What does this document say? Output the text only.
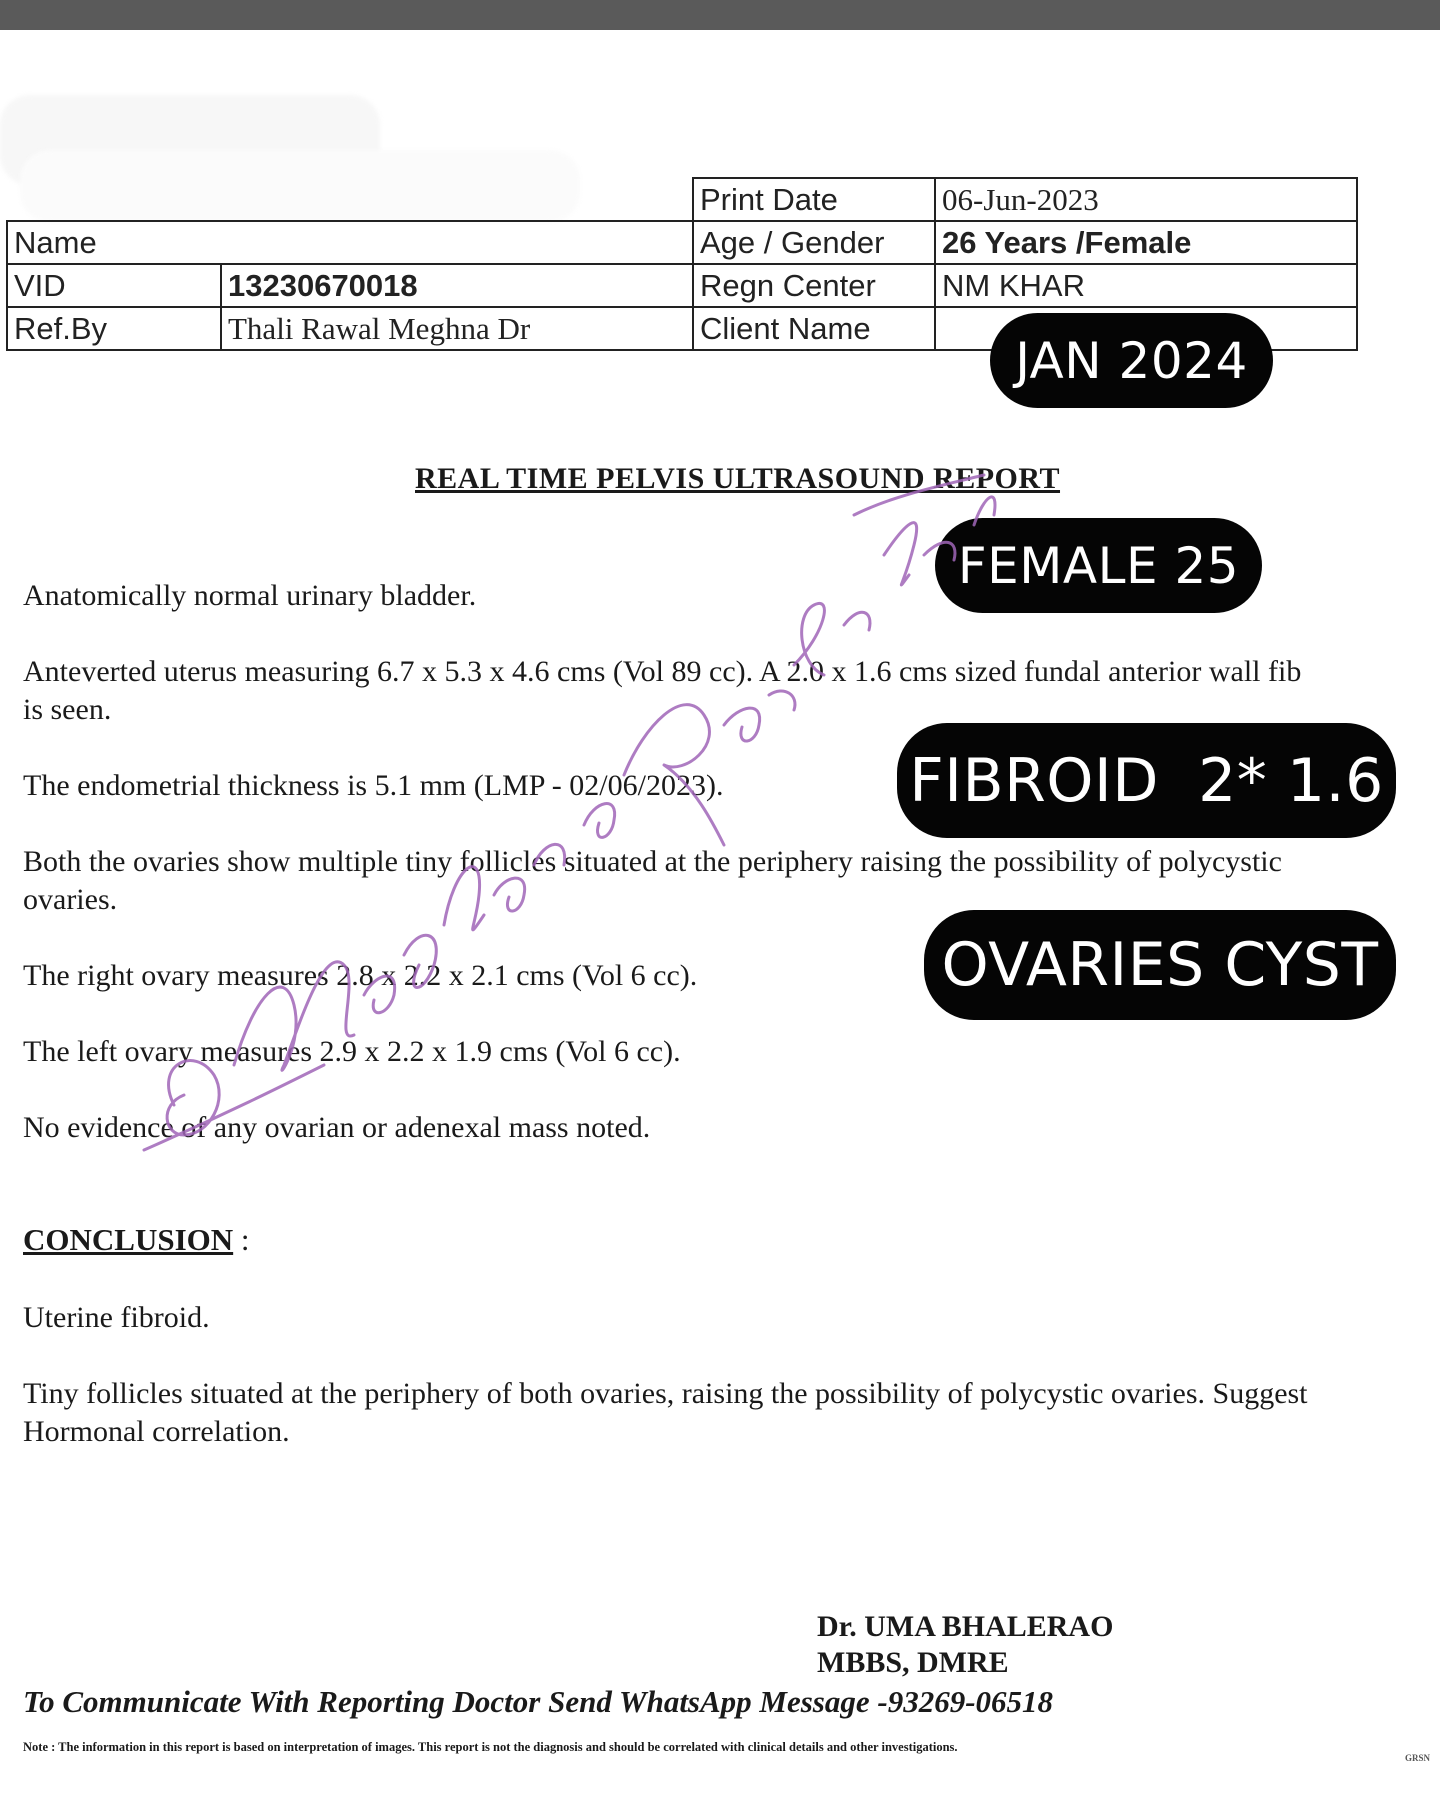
		Print Date	06-Jun-2023
Name		Age / Gender	26 Years /Female
VID	13230670018	Regn Center	NM KHAR
Ref.By	Thali Rawal Meghna Dr	Client Name	
JAN 2024
FEMALE 25
FIBROID  2* 1.6
OVARIES CYST
REAL TIME PELVIS ULTRASOUND REPORT
Anatomically normal urinary bladder.
Anteverted uterus measuring 6.7 x 5.3 x 4.6 cms (Vol 89 cc). A 2.0 x 1.6 cms sized fundal anterior wall fib
is seen.
The endometrial thickness is 5.1 mm (LMP - 02/06/2023).
Both the ovaries show multiple tiny follicles situated at the periphery raising the possibility of polycystic
ovaries.
The right ovary measures 2.8 x 2.2 x 2.1 cms (Vol 6 cc).
The left ovary measures 2.9 x 2.2 x 1.9 cms (Vol 6 cc).
No evidence of any ovarian or adenexal mass noted.
CONCLUSION :
Uterine fibroid.
Tiny follicles situated at the periphery of both ovaries, raising the possibility of polycystic ovaries. Suggest
Hormonal correlation.
Dr. UMA BHALERAO
MBBS, DMRE
To Communicate With Reporting Doctor Send WhatsApp Message -93269-06518
Note : The information in this report is based on interpretation of images. This report is not the diagnosis and should be correlated with clinical details and other investigations.
GRSN
